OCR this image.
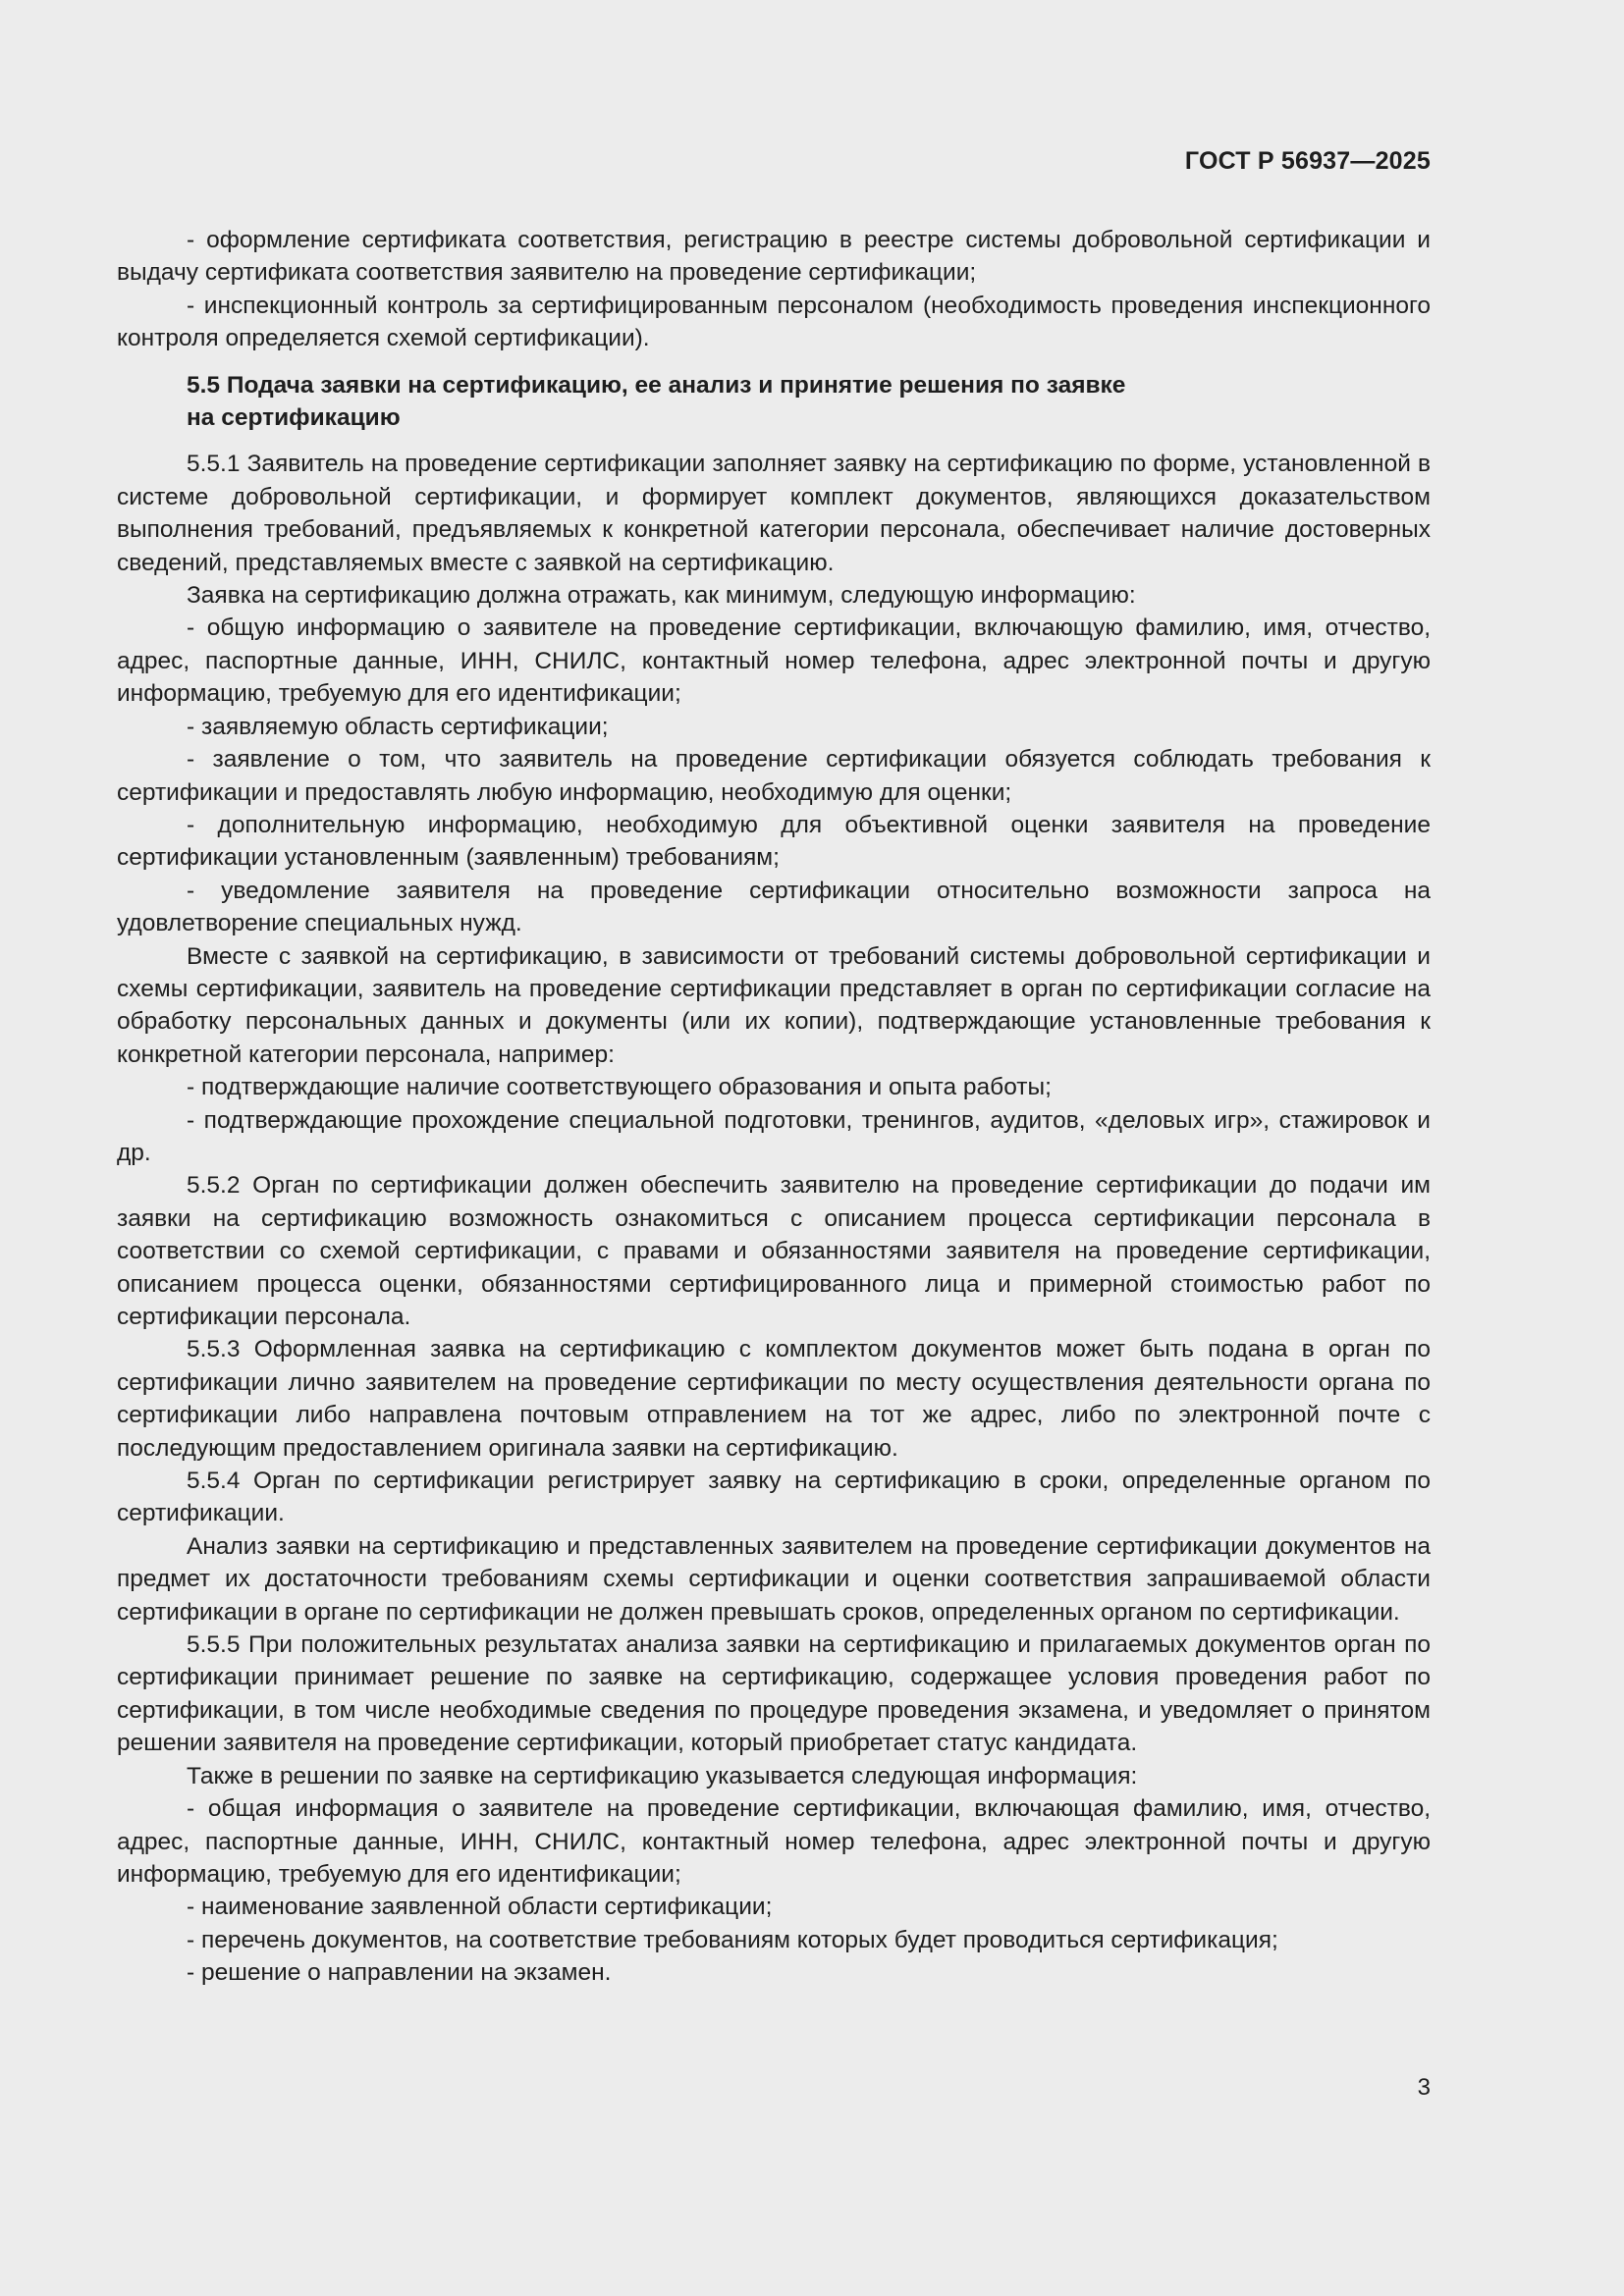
ГОСТ Р 56937—2025

- оформление сертификата соответствия, регистрацию в реестре системы добровольной сертификации и выдачу сертификата соответствия заявителю на проведение сертификации;

- инспекционный контроль за сертифицированным персоналом (необходимость проведения инспекционного контроля определяется схемой сертификации).

5.5 Подача заявки на сертификацию, ее анализ и принятие решения по заявке
на сертификацию

5.5.1 Заявитель на проведение сертификации заполняет заявку на сертификацию по форме, установленной в системе добровольной сертификации, и формирует комплект документов, являющихся доказательством выполнения требований, предъявляемых к конкретной категории персонала, обеспечивает наличие достоверных сведений, представляемых вместе с заявкой на сертификацию.

Заявка на сертификацию должна отражать, как минимум, следующую информацию:

- общую информацию о заявителе на проведение сертификации, включающую фамилию, имя, отчество, адрес, паспортные данные, ИНН, СНИЛС, контактный номер телефона, адрес электронной почты и другую информацию, требуемую для его идентификации;

- заявляемую область сертификации;

- заявление о том, что заявитель на проведение сертификации обязуется соблюдать требования к сертификации и предоставлять любую информацию, необходимую для оценки;

- дополнительную информацию, необходимую для объективной оценки заявителя на проведение сертификации установленным (заявленным) требованиям;

- уведомление заявителя на проведение сертификации относительно возможности запроса на удовлетворение специальных нужд.

Вместе с заявкой на сертификацию, в зависимости от требований системы добровольной сертификации и схемы сертификации, заявитель на проведение сертификации представляет в орган по сертификации согласие на обработку персональных данных и документы (или их копии), подтверждающие установленные требования к конкретной категории персонала, например:

- подтверждающие наличие соответствующего образования и опыта работы;

- подтверждающие прохождение специальной подготовки, тренингов, аудитов, «деловых игр», стажировок и др.

5.5.2 Орган по сертификации должен обеспечить заявителю на проведение сертификации до подачи им заявки на сертификацию возможность ознакомиться с описанием процесса сертификации персонала в соответствии со схемой сертификации, с правами и обязанностями заявителя на проведение сертификации, описанием процесса оценки, обязанностями сертифицированного лица и примерной стоимостью работ по сертификации персонала.

5.5.3 Оформленная заявка на сертификацию с комплектом документов может быть подана в орган по сертификации лично заявителем на проведение сертификации по месту осуществления деятельности органа по сертификации либо направлена почтовым отправлением на тот же адрес, либо по электронной почте с последующим предоставлением оригинала заявки на сертификацию.

5.5.4 Орган по сертификации регистрирует заявку на сертификацию в сроки, определенные органом по сертификации.

Анализ заявки на сертификацию и представленных заявителем на проведение сертификации документов на предмет их достаточности требованиям схемы сертификации и оценки соответствия запрашиваемой области сертификации в органе по сертификации не должен превышать сроков, определенных органом по сертификации.

5.5.5 При положительных результатах анализа заявки на сертификацию и прилагаемых документов орган по сертификации принимает решение по заявке на сертификацию, содержащее условия проведения работ по сертификации, в том числе необходимые сведения по процедуре проведения экзамена, и уведомляет о принятом решении заявителя на проведение сертификации, который приобретает статус кандидата.

Также в решении по заявке на сертификацию указывается следующая информация:

- общая информация о заявителе на проведение сертификации, включающая фамилию, имя, отчество, адрес, паспортные данные, ИНН, СНИЛС, контактный номер телефона, адрес электронной почты и другую информацию, требуемую для его идентификации;

- наименование заявленной области сертификации;

- перечень документов, на соответствие требованиям которых будет проводиться сертификация;

- решение о направлении на экзамен.

3
